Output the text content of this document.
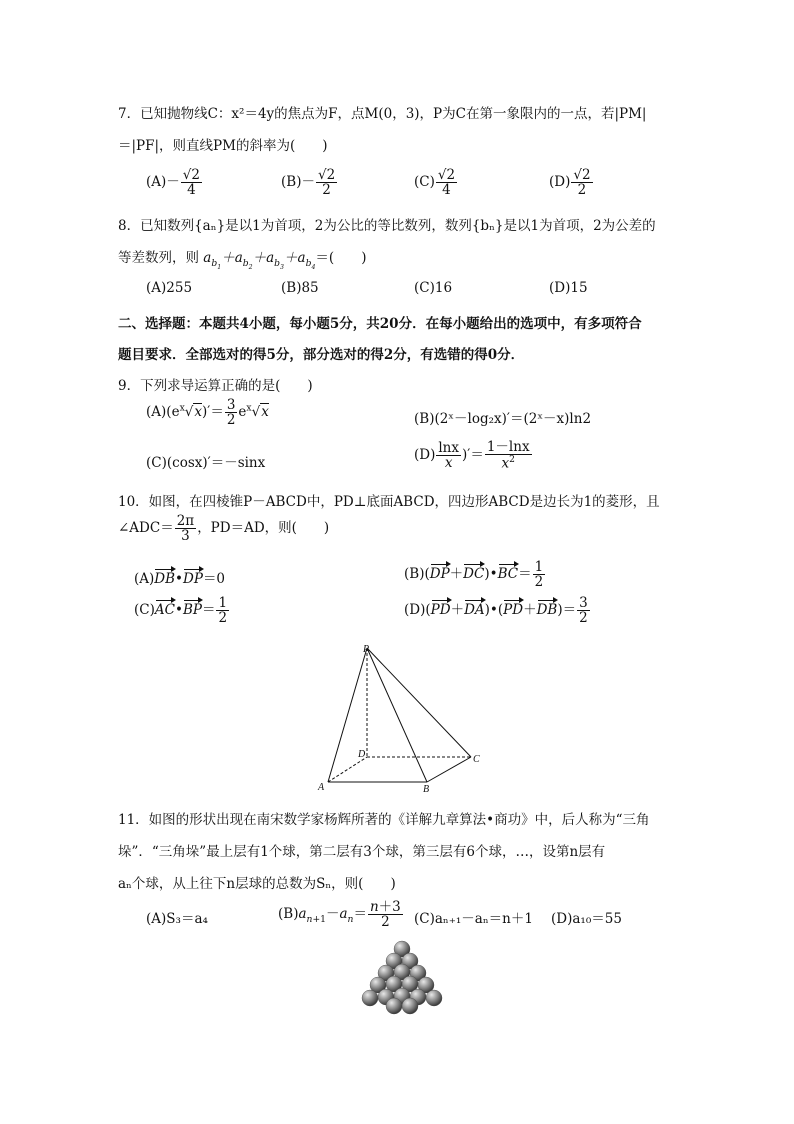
7．已知抛物线C：x²＝4y的焦点为F，点M(0，3)，P为C在第一象限内的一点，若|PM|
＝|PF|，则直线PM的斜率为(　　)
$(A)- \frac{√2}{4}$	$(B)- \frac{√2}{2}$	$(C) \frac{√2}{4}$	$(D) \frac{√2}{2}$
8．已知数列{aₙ}是以1为首项，2为公比的等比数列，数列{bₙ}是以1为首项，2为公差的
等差数列，则 $a_{b_1}+a_{b_2}+a_{b_3}+a_{b_4}=$(　　)
(A)255	(B)85	(C)16	(D)15
二、选择题：本题共4小题，每小题5分，共20分．在每小题给出的选项中，有多项符合
题目要求．全部选对的得5分，部分选对的得2分，有选错的得0分．
9．下列求导运算正确的是(　　)
$(A)(e^x√x)'= \frac{3}{2} e^x√x$	(B)(2ˣ－log₂x)′＝(2ˣ－x)ln2
(C)(cosx)′＝－sinx
$(D) \frac{\ln x}{x}$ )′＝ $\frac{1-\ln x}{x^2}$
10．如图，在四棱锥P－ABCD中，PD⊥底面ABCD，四边形ABCD是边长为1的菱形，且
∠ADC＝ $\frac{2\pi}{3}$ ，PD＝AD，则(　　)
(A)DB•DP＝0	(B)(DP＋DC)•BC＝ $\frac{1}{2}$
(C)AC•BP＝ $\frac{1}{2}$	(D)(PD＋DA)•(PD＋DB)＝ $\frac{3}{2}$
P
D	C
A	B
11．如图的形状出现在南宋数学家杨辉所著的《详解九章算法•商功》中，后人称为“三角
垛”．“三角垛”最上层有1个球，第二层有3个球，第三层有6个球，…，设第n层有
aₙ个球，从上往下n层球的总数为Sₙ，则(　　)
(A)S₃＝a₄	$(B)a_{n+1}-a_n= \frac{n+3}{2} (C)a_{n+1}-a_n=n+1$ (D)a₁₀＝55
